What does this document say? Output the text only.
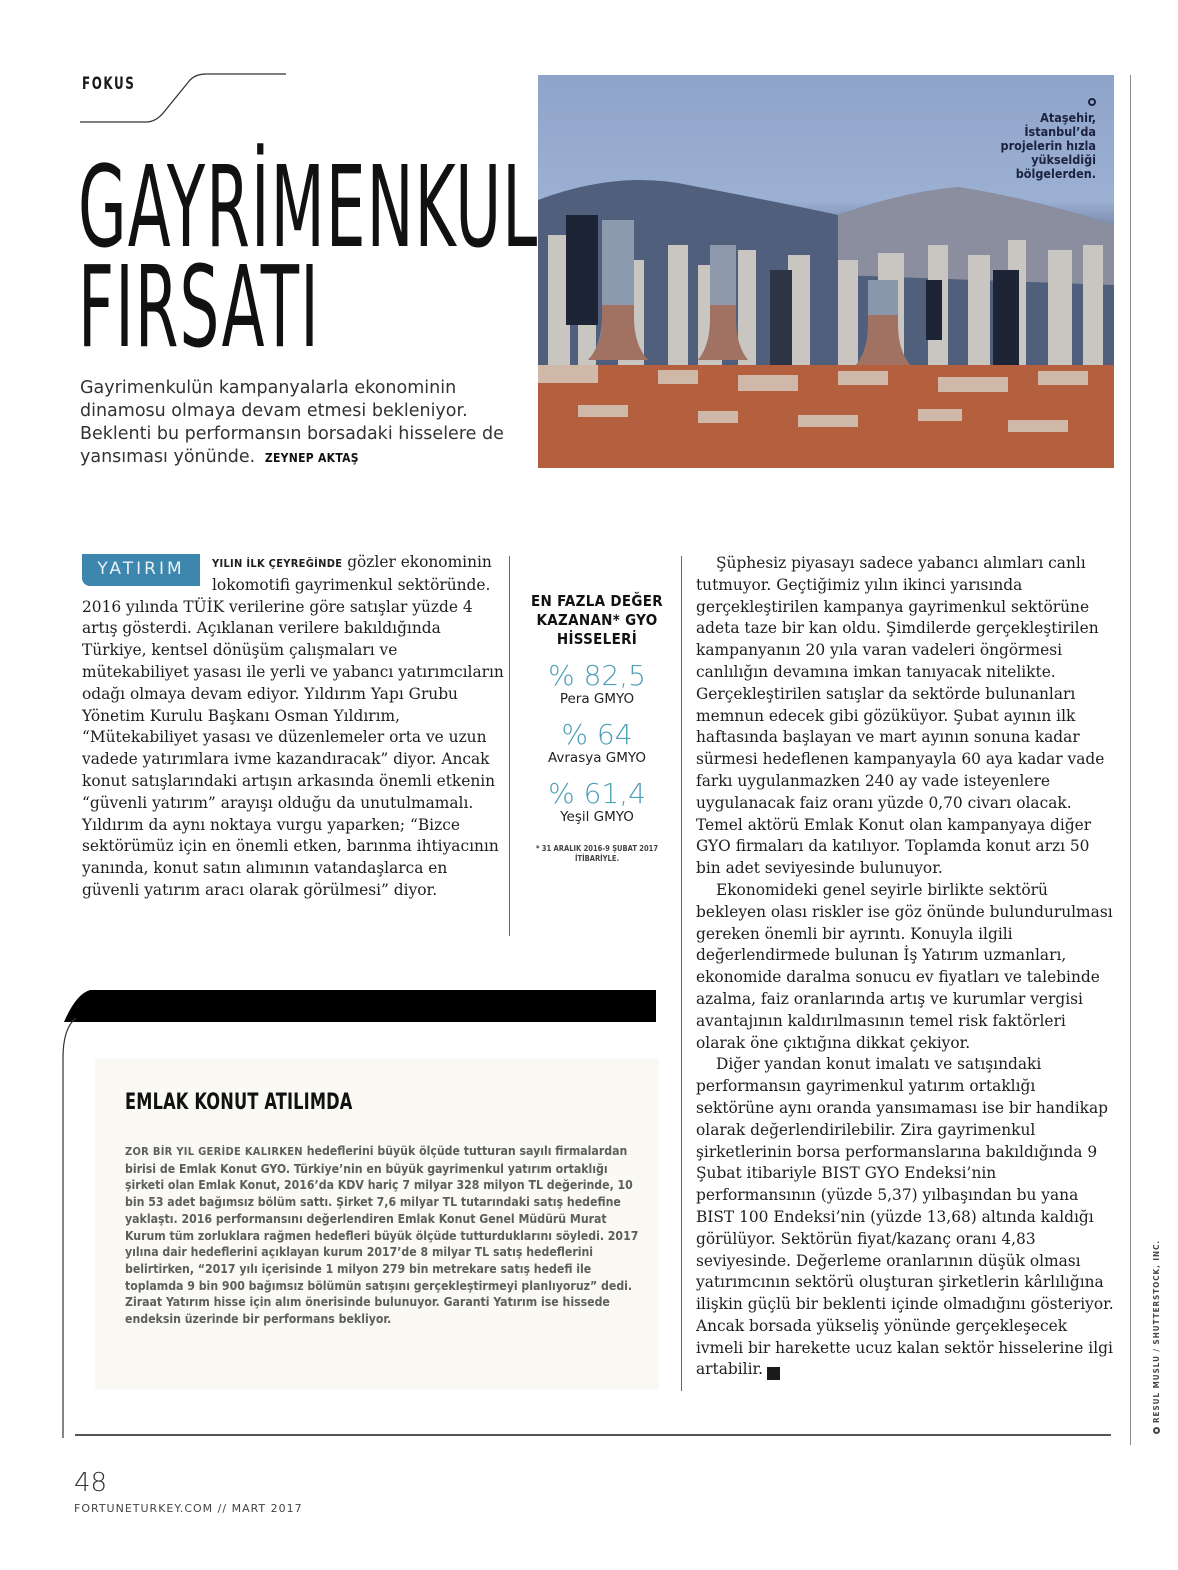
FOKUS
GAYRİMENKUL
FIRSATI

Gayrimenkulün kampanyalarla ekonominin dinamosu olmaya devam etmesi bekleniyor. Beklenti bu performansın borsadaki hisselere de yansıması yönünde. ZEYNEP AKTAŞ

Ataşehir,
İstanbul’da
projelerin hızla
yükseldiği
bölgelerden.
YATIRIM	YILIN İLK ÇEYREĞİNDE gözler ekonominin lokomotifi gayrimenkul sektöründe. 2016 yılında TÜİK verilerine göre satışlar yüzde 4 artış gösterdi. Açıklanan verilere bakıldığında Türkiye, kentsel dönüşüm çalışmaları ve mütekabiliyet yasası ile yerli ve yabancı yatırımcıların odağı olmaya devam ediyor. Yıldırım Yapı Grubu Yönetim Kurulu Başkanı Osman Yıldırım, “Mütekabiliyet yasası ve düzenlemeler orta ve uzun vadede yatırımlara ivme kazandıracak” diyor. Ancak konut satışlarındaki artışın arkasında önemli etkenin “güvenli yatırım” arayışı olduğu da unutulmamalı. Yıldırım da aynı noktaya vurgu yaparken; “Bizce sektörümüz için en önemli etken, barınma ihtiyacının yanında, konut satın alımının vatandaşlarca en güvenli yatırım aracı olarak görülmesi” diyor.
EN FAZLA DEĞER KAZANAN* GYO HİSSELERİ
% 82,5
Pera GMYO
% 64
Avrasya GMYO
% 61,4
Yeşil GMYO
* 31 ARALIK 2016-9 ŞUBAT 2017 İTİBARİYLE.

Şüphesiz piyasayı sadece yabancı alımları canlı tutmuyor. Geçtiğimiz yılın ikinci yarısında gerçekleştirilen kampanya gayrimenkul sektörüne adeta taze bir kan oldu. Şimdilerde gerçekleştirilen kampanyanın 20 yıla varan vadeleri öngörmesi canlılığın devamına imkan tanıyacak nitelikte. Gerçekleştirilen satışlar da sektörde bulunanları memnun edecek gibi gözüküyor. Şubat ayının ilk haftasında başlayan ve mart ayının sonuna kadar sürmesi hedeflenen kampanyayla 60 aya kadar vade farkı uygulanmazken 240 ay vade isteyenlere uygulanacak faiz oranı yüzde 0,70 civarı olacak. Temel aktörü Emlak Konut olan kampanyaya diğer GYO firmaları da katılıyor. Toplamda konut arzı 50 bin adet seviyesinde bulunuyor.

Ekonomideki genel seyirle birlikte sektörü bekleyen olası riskler ise göz önünde bulundurulması gereken önemli bir ayrıntı. Konuyla ilgili değerlendirmede bulunan İş Yatırım uzmanları, ekonomide daralma sonucu ev fiyatları ve talebinde azalma, faiz oranlarında artış ve kurumlar vergisi avantajının kaldırılmasının temel risk faktörleri olarak öne çıktığına dikkat çekiyor.

Diğer yandan konut imalatı ve satışındaki performansın gayrimenkul yatırım ortaklığı sektörüne aynı oranda yansımaması ise bir handikap olarak değerlendirilebilir. Zira gayrimenkul şirketlerinin borsa performanslarına bakıldığında 9 Şubat itibariyle BIST GYO Endeksi’nin performansının (yüzde 5,37) yılbaşından bu yana BIST 100 Endeksi’nin (yüzde 13,68) altında kaldığı görülüyor. Sektörün fiyat/kazanç oranı 4,83 seviyesinde. Değerleme oranlarının düşük olması yatırımcının sektörü oluşturan şirketlerin kârlılığına ilişkin güçlü bir beklenti içinde olmadığını gösteriyor. Ancak borsada yükseliş yönünde gerçekleşecek ivmeli bir harekette ucuz kalan sektör hisselerine ilgi artabilir.	F

EMLAK KONUT ATILIMDA
ZOR BİR YIL GERİDE KALIRKEN hedeflerini büyük ölçüde tutturan sayılı firmalardan birisi de Emlak Konut GYO. Türkiye’nin en büyük gayrimenkul yatırım ortaklığı şirketi olan Emlak Konut, 2016’da KDV hariç 7 milyar 328 milyon TL değerinde, 10 bin 53 adet bağımsız bölüm sattı. Şirket 7,6 milyar TL tutarındaki satış hedefine yaklaştı. 2016 performansını değerlendiren Emlak Konut Genel Müdürü Murat Kurum tüm zorluklara rağmen hedefleri büyük ölçüde tutturduklarını söyledi. 2017 yılına dair hedeflerini açıklayan kurum 2017’de 8 milyar TL satış hedeflerini belirtirken, “2017 yılı içerisinde 1 milyon 279 bin metrekare satış hedefi ile toplamda 9 bin 900 bağımsız bölümün satışını gerçekleştirmeyi planlıyoruz” dedi. Ziraat Yatırım hisse için alım önerisinde bulunuyor. Garanti Yatırım ise hissede endeksin üzerinde bir performans bekliyor.
48
FORTUNETURKEY.COM // MART 2017
RESUL MUSLU / SHUTTERSTOCK, INC.
